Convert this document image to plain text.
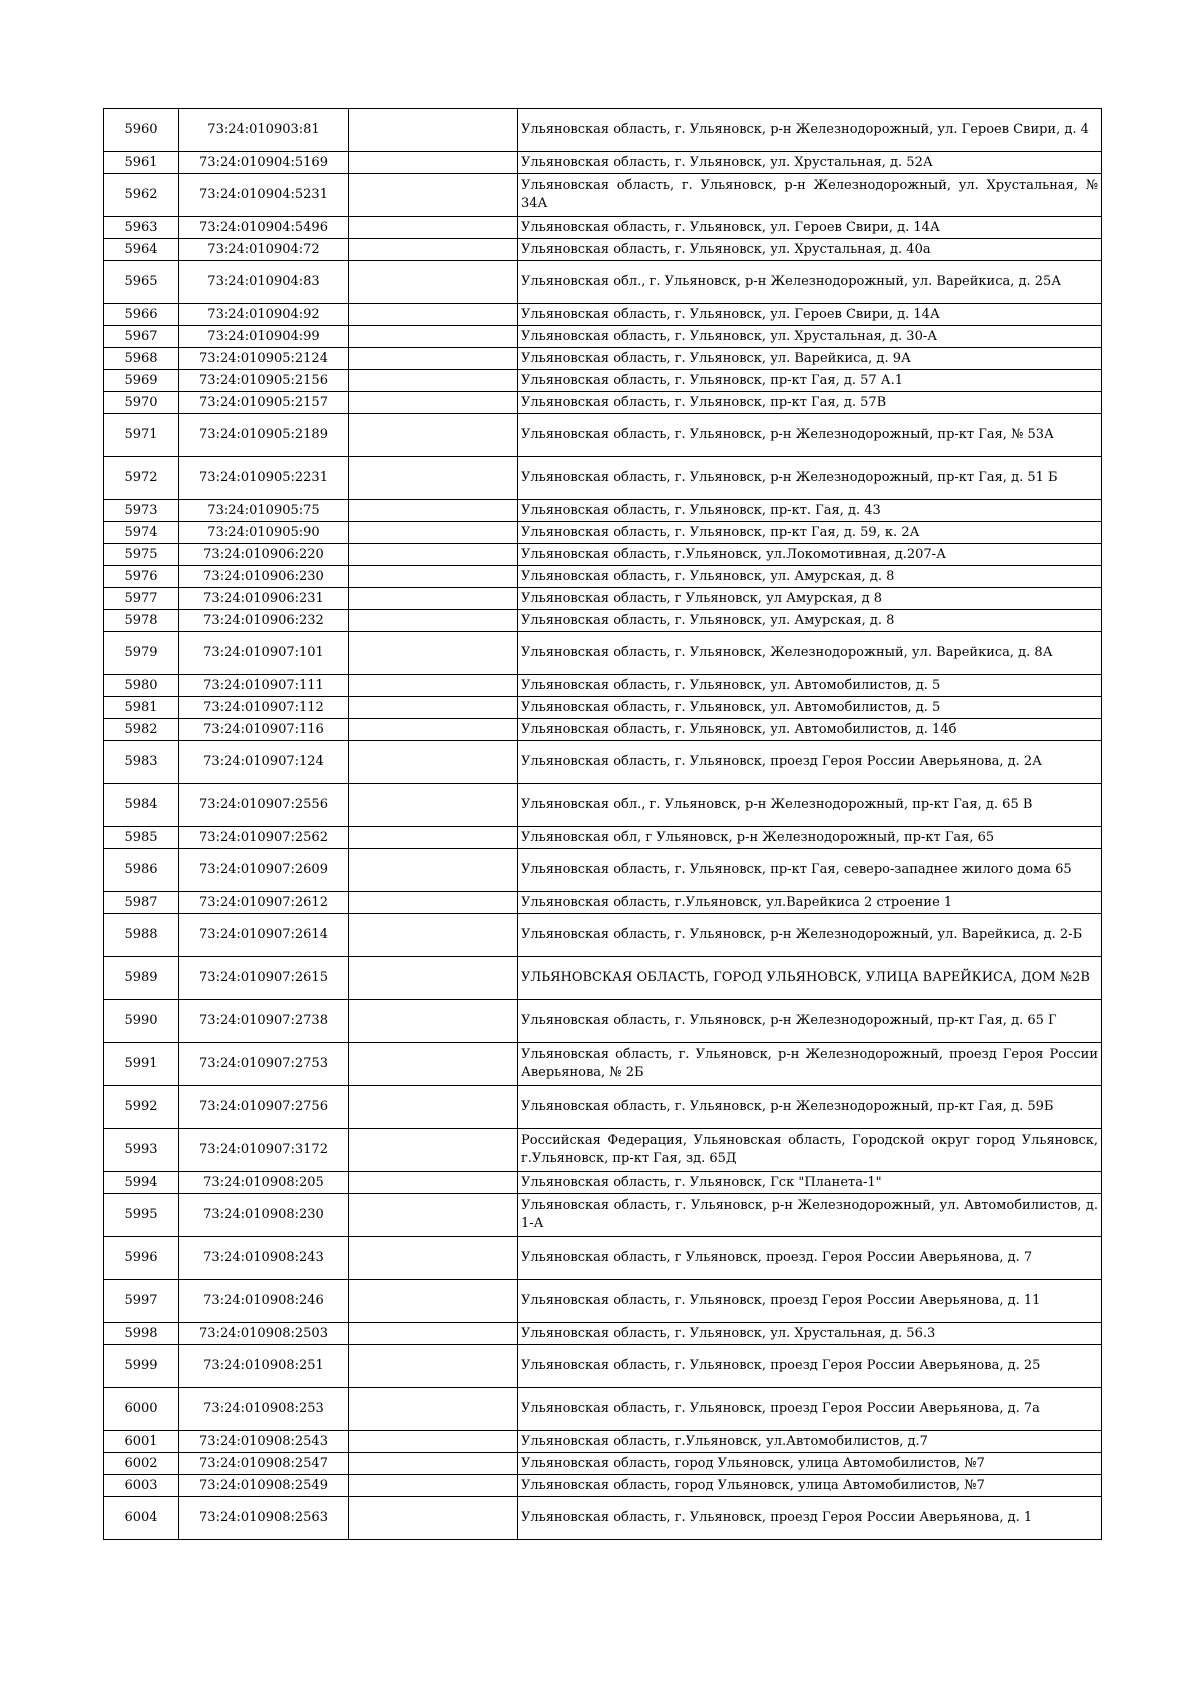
5960	73:24:010903:81		Ульяновская область, г. Ульяновск, р-н Железнодорожный, ул. Героев Свири, д. 4
5961	73:24:010904:5169		Ульяновская область, г. Ульяновск, ул. Хрустальная, д. 52А
5962	73:24:010904:5231		Ульяновская область, г. Ульяновск, р-н Железнодорожный, ул. Хрустальная, № 34А
5963	73:24:010904:5496		Ульяновская область, г. Ульяновск, ул. Героев Свири, д. 14А
5964	73:24:010904:72		Ульяновская область, г. Ульяновск, ул. Хрустальная, д. 40а
5965	73:24:010904:83		Ульяновская обл., г. Ульяновск, р-н Железнодорожный, ул. Варейкиса, д. 25А
5966	73:24:010904:92		Ульяновская область, г. Ульяновск, ул. Героев Свири, д. 14А
5967	73:24:010904:99		Ульяновская область, г. Ульяновск, ул. Хрустальная, д. 30-А
5968	73:24:010905:2124		Ульяновская область, г. Ульяновск, ул. Варейкиса, д. 9А
5969	73:24:010905:2156		Ульяновская область, г. Ульяновск, пр-кт Гая, д. 57 А.1
5970	73:24:010905:2157		Ульяновская область, г. Ульяновск, пр-кт Гая, д. 57В
5971	73:24:010905:2189		Ульяновская область, г. Ульяновск, р-н Железнодорожный, пр-кт Гая, № 53А
5972	73:24:010905:2231		Ульяновская область, г. Ульяновск, р-н Железнодорожный, пр-кт Гая, д. 51 Б
5973	73:24:010905:75		Ульяновская область, г. Ульяновск, пр-кт. Гая, д. 43
5974	73:24:010905:90		Ульяновская область, г. Ульяновск, пр-кт Гая, д. 59, к. 2А
5975	73:24:010906:220		Ульяновская область, г.Ульяновск, ул.Локомотивная, д.207-А
5976	73:24:010906:230		Ульяновская область, г. Ульяновск, ул. Амурская, д. 8
5977	73:24:010906:231		Ульяновская область, г Ульяновск, ул Амурская, д 8
5978	73:24:010906:232		Ульяновская область, г. Ульяновск, ул. Амурская, д. 8
5979	73:24:010907:101		Ульяновская область, г. Ульяновск, Железнодорожный, ул. Варейкиса, д. 8А
5980	73:24:010907:111		Ульяновская область, г. Ульяновск, ул. Автомобилистов, д. 5
5981	73:24:010907:112		Ульяновская область, г. Ульяновск, ул. Автомобилистов, д. 5
5982	73:24:010907:116		Ульяновская область, г. Ульяновск, ул. Автомобилистов, д. 14б
5983	73:24:010907:124		Ульяновская область, г. Ульяновск, проезд Героя России Аверьянова, д. 2А
5984	73:24:010907:2556		Ульяновская обл., г. Ульяновск, р-н Железнодорожный, пр-кт Гая, д. 65 В
5985	73:24:010907:2562		Ульяновская обл, г Ульяновск, р-н Железнодорожный, пр-кт Гая, 65
5986	73:24:010907:2609		Ульяновская область, г. Ульяновск, пр-кт Гая, северо-западнее жилого дома 65
5987	73:24:010907:2612		Ульяновская область, г.Ульяновск, ул.Варейкиса 2 строение 1
5988	73:24:010907:2614		Ульяновская область, г. Ульяновск, р-н Железнодорожный, ул. Варейкиса, д. 2-Б
5989	73:24:010907:2615		УЛЬЯНОВСКАЯ ОБЛАСТЬ, ГОРОД УЛЬЯНОВСК, УЛИЦА ВАРЕЙКИСА, ДОМ №2В
5990	73:24:010907:2738		Ульяновская область, г. Ульяновск, р-н Железнодорожный, пр-кт Гая, д. 65 Г
5991	73:24:010907:2753		Ульяновская область, г. Ульяновск, р-н Железнодорожный, проезд Героя России Аверьянова, № 2Б
5992	73:24:010907:2756		Ульяновская область, г. Ульяновск, р-н Железнодорожный, пр-кт Гая, д. 59Б
5993	73:24:010907:3172		Российская Федерация, Ульяновская область, Городской округ город Ульяновск, г.Ульяновск, пр-кт Гая, зд. 65Д
5994	73:24:010908:205		Ульяновская область, г. Ульяновск, Гск "Планета-1"
5995	73:24:010908:230		Ульяновская область, г. Ульяновск, р-н Железнодорожный, ул. Автомобилистов, д. 1-А
5996	73:24:010908:243		Ульяновская область, г Ульяновск, проезд. Героя России Аверьянова, д. 7
5997	73:24:010908:246		Ульяновская область, г. Ульяновск, проезд Героя России Аверьянова, д. 11
5998	73:24:010908:2503		Ульяновская область, г. Ульяновск, ул. Хрустальная, д. 56.3
5999	73:24:010908:251		Ульяновская область, г. Ульяновск, проезд Героя России Аверьянова, д. 25
6000	73:24:010908:253		Ульяновская область, г. Ульяновск, проезд Героя России Аверьянова, д. 7а
6001	73:24:010908:2543		Ульяновская область, г.Ульяновск, ул.Автомобилистов, д.7
6002	73:24:010908:2547		Ульяновская область, город Ульяновск, улица Автомобилистов, №7
6003	73:24:010908:2549		Ульяновская область, город Ульяновск, улица Автомобилистов, №7
6004	73:24:010908:2563		Ульяновская область, г. Ульяновск, проезд Героя России Аверьянова, д. 1
